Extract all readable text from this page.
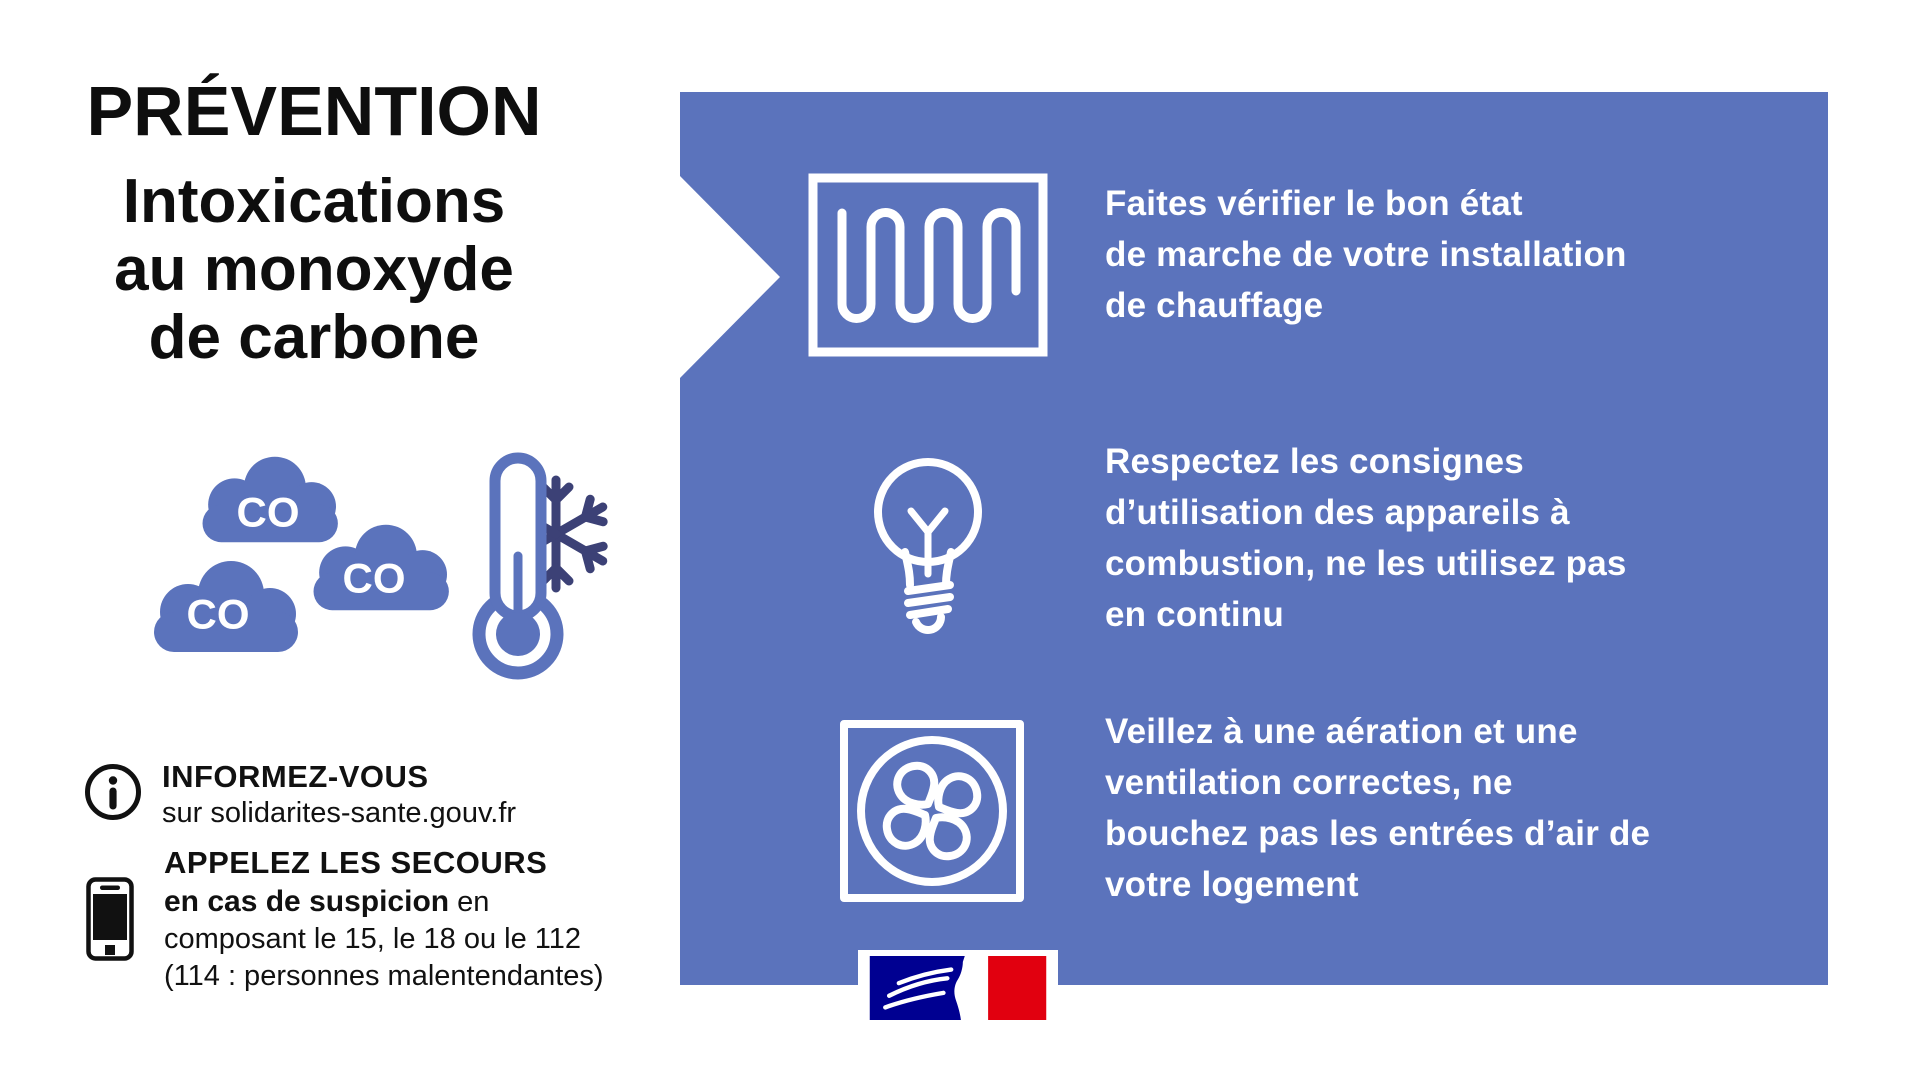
PRÉVENTION
Intoxications
au monoxyde
de carbone
CO
CO
CO
INFORMEZ-VOUS
sur solidarites-sante.gouv.fr
APPELEZ LES SECOURS
en cas de suspicion en
composant le 15, le 18 ou le 112
(114 : personnes malentendantes)
Faites vérifier le bon état
de marche de votre installation
de chauffage
Respectez les consignes
d’utilisation des appareils à
combustion, ne les utilisez pas
en continu
Veillez à une aération et une
ventilation correctes, ne
bouchez pas les entrées d’air de
votre logement
